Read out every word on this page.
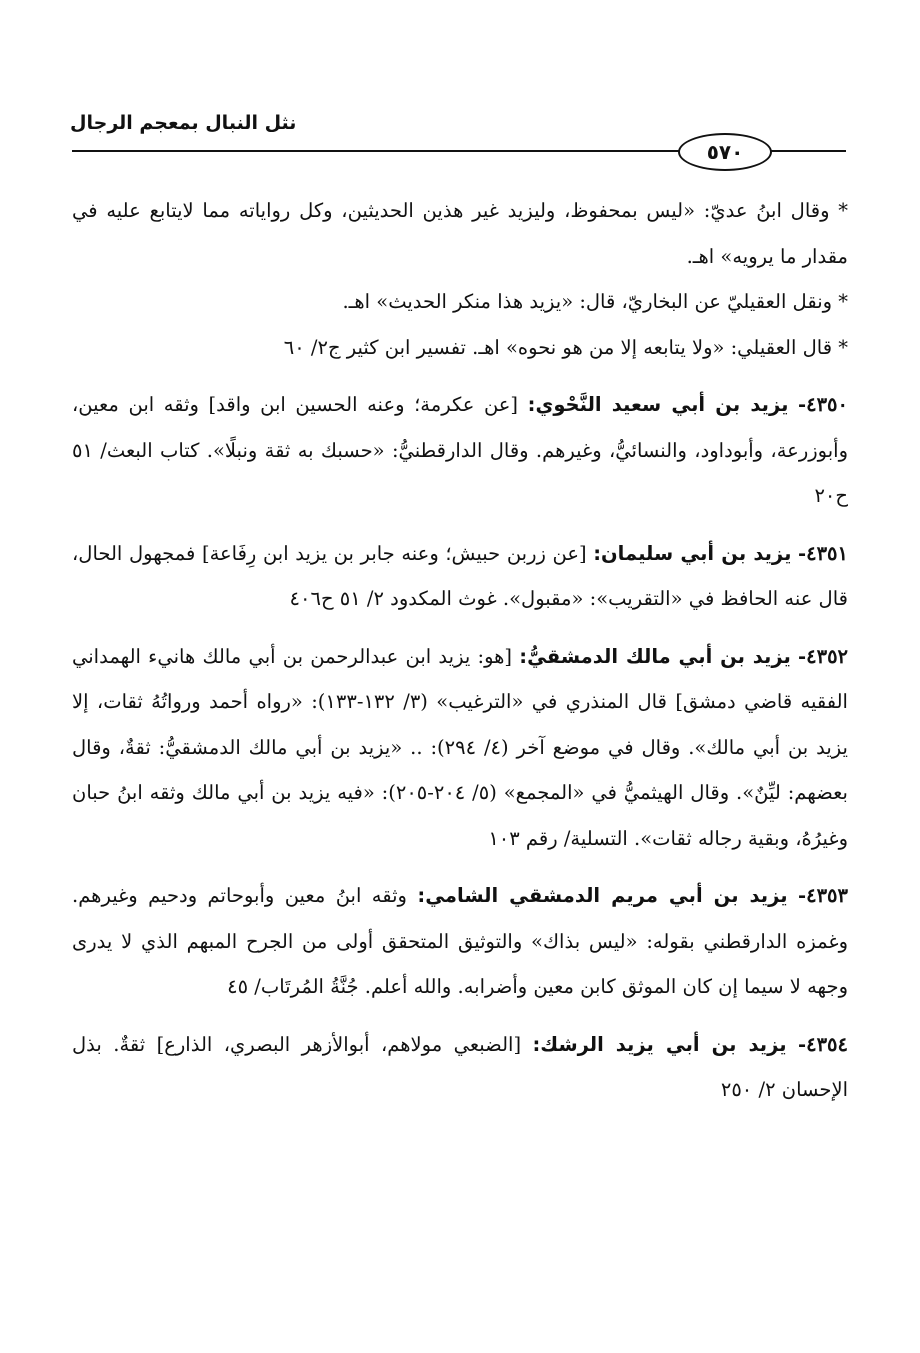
نثل النبال بمعجم الرجال
٥٧٠

* وقال ابنُ عديّ: «ليس بمحفوظ، وليزيد غير هذين الحديثين، وكل رواياته مما لايتابع عليه في مقدار ما يرويه» اهـ.

* ونقل العقيليّ عن البخاريّ، قال: «يزيد هذا منكر الحديث» اهـ.

* قال العقيلي: «ولا يتابعه إلا من هو نحوه» اهـ. تفسير ابن كثير ج٢/ ٦٠

٤٣٥٠- يزيد بن أبي سعيد النَّحْوي: [عن عكرمة؛ وعنه الحسين ابن واقد] وثقه ابن معين، وأبوزرعة، وأبوداود، والنسائيُّ، وغيرهم. وقال الدارقطنيُّ: «حسبك به ثقة ونبلًا». كتاب البعث/ ٥١ ح٢٠

٤٣٥١- يزيد بن أبي سليمان: [عن زربن حبيش؛ وعنه جابر بن يزيد ابن رِفَاعة] فمجهول الحال، قال عنه الحافظ في «التقريب»: «مقبول». غوث المكدود ٢/ ٥١ ح٤٠٦

٤٣٥٢- يزيد بن أبي مالك الدمشقيُّ: [هو: يزيد ابن عبدالرحمن بن أبي مالك هانيء الهمداني الفقيه قاضي دمشق] قال المنذري في «الترغيب» (٣/ ١٣٢-١٣٣): «رواه أحمد ورواتُهُ ثقات، إلا يزيد بن أبي مالك». وقال في موضع آخر (٤/ ٢٩٤): .. «يزيد بن أبي مالك الدمشقيُّ: ثقةٌ، وقال بعضهم: ليِّنٌ». وقال الهيثميُّ في «المجمع» (٥/ ٢٠٤-٢٠٥): «فيه يزيد بن أبي مالك وثقه ابنُ حبان وغيرُهُ، وبقية رجاله ثقات». التسلية/ رقم ١٠٣

٤٣٥٣- يزيد بن أبي مريم الدمشقي الشامي: وثقه ابنُ معين وأبوحاتم ودحيم وغيرهم. وغمزه الدارقطني بقوله: «ليس بذاك» والتوثيق المتحقق أولى من الجرح المبهم الذي لا يدرى وجهه لا سيما إن كان الموثق كابن معين وأضرابه. والله أعلم. جُنَّةُ المُرتَاب/ ٤٥

٤٣٥٤- يزيد بن أبي يزيد الرشك: [الضبعي مولاهم، أبوالأزهر البصري، الذارع] ثقةٌ. بذل الإحسان ٢/ ٢٥٠
